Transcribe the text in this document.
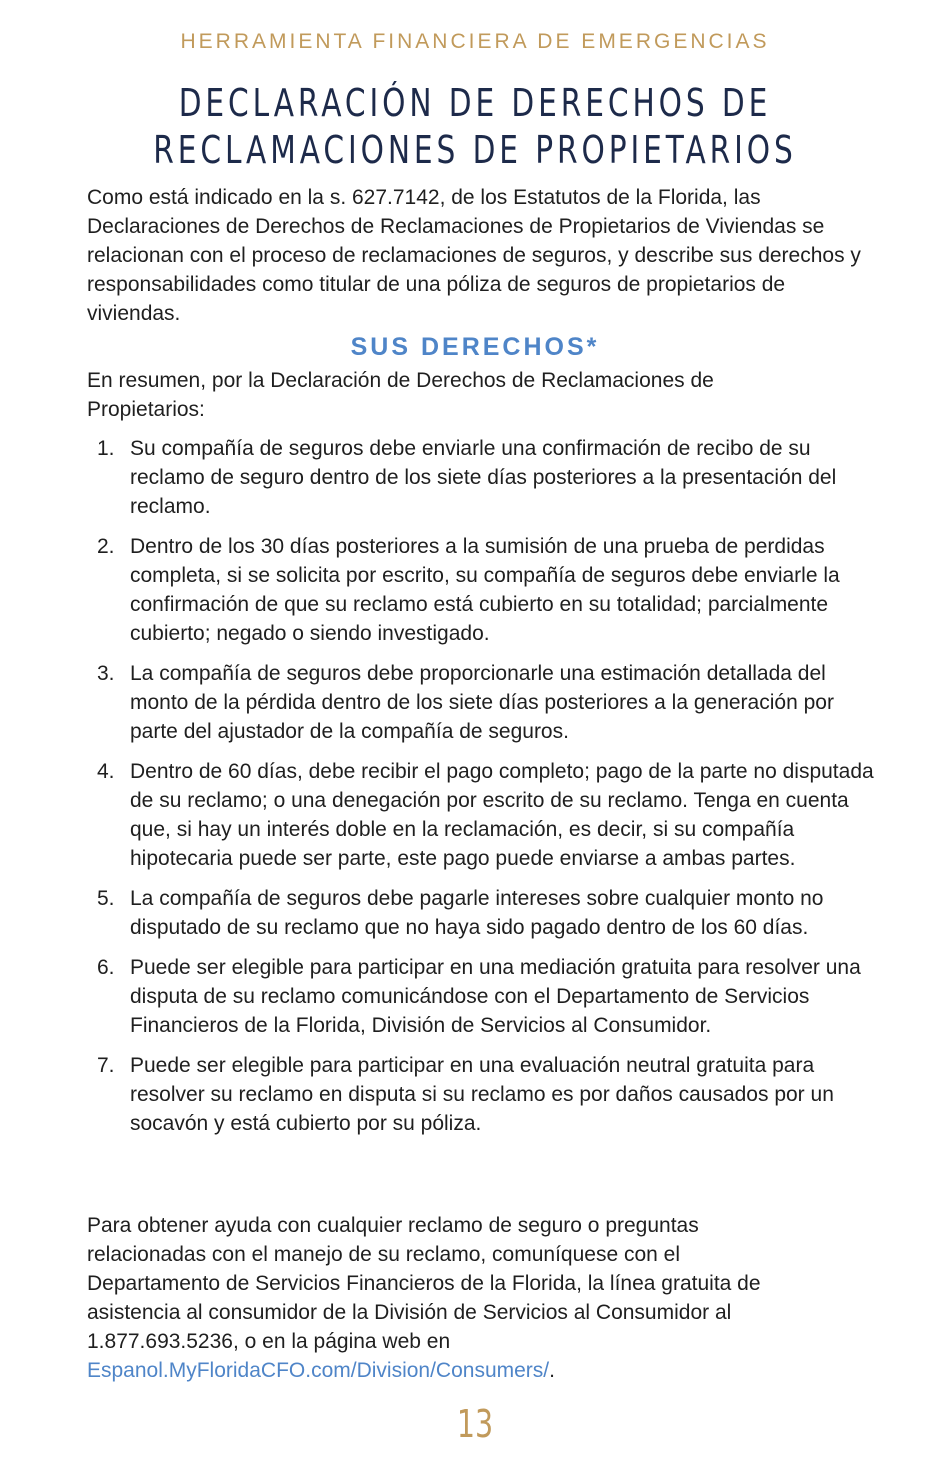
HERRAMIENTA FINANCIERA DE EMERGENCIAS
DECLARACIÓN DE DERECHOS DE
RECLAMACIONES DE PROPIETARIOS

Como está indicado en la s. 627.7142, de los Estatutos de la Florida, las Declaraciones de Derechos de Reclamaciones de Propietarios de Viviendas se relacionan con el proceso de reclamaciones de seguros, y describe sus derechos y responsabilidades como titular de una póliza de seguros de propietarios de viviendas.

SUS DERECHOS*

En resumen, por la Declaración de Derechos de Reclamaciones de Propietarios:

1. Su compañía de seguros debe enviarle una confirmación de recibo de su reclamo de seguro dentro de los siete días posteriores a la presentación del reclamo.
2. Dentro de los 30 días posteriores a la sumisión de una prueba de perdidas completa, si se solicita por escrito, su compañía de seguros debe enviarle la confirmación de que su reclamo está cubierto en su totalidad; parcialmente cubierto; negado o siendo investigado.
3. La compañía de seguros debe proporcionarle una estimación detallada del monto de la pérdida dentro de los siete días posteriores a la generación por parte del ajustador de la compañía de seguros.
4. Dentro de 60 días, debe recibir el pago completo; pago de la parte no disputada de su reclamo; o una denegación por escrito de su reclamo. Tenga en cuenta que, si hay un interés doble en la reclamación, es decir, si su compañía hipotecaria puede ser parte, este pago puede enviarse a ambas partes.
5. La compañía de seguros debe pagarle intereses sobre cualquier monto no disputado de su reclamo que no haya sido pagado dentro de los 60 días.
6. Puede ser elegible para participar en una mediación gratuita para resolver una disputa de su reclamo comunicándose con el Departamento de Servicios Financieros de la Florida, División de Servicios al Consumidor.
7. Puede ser elegible para participar en una evaluación neutral gratuita para resolver su reclamo en disputa si su reclamo es por daños causados por un socavón y está cubierto por su póliza.

Para obtener ayuda con cualquier reclamo de seguro o preguntas relacionadas con el manejo de su reclamo, comuníquese con el Departamento de Servicios Financieros de la Florida, la línea gratuita de asistencia al consumidor de la División de Servicios al Consumidor al 1.877.693.5236, o en la página web en Espanol.MyFloridaCFO.com/Division/Consumers/.

13
